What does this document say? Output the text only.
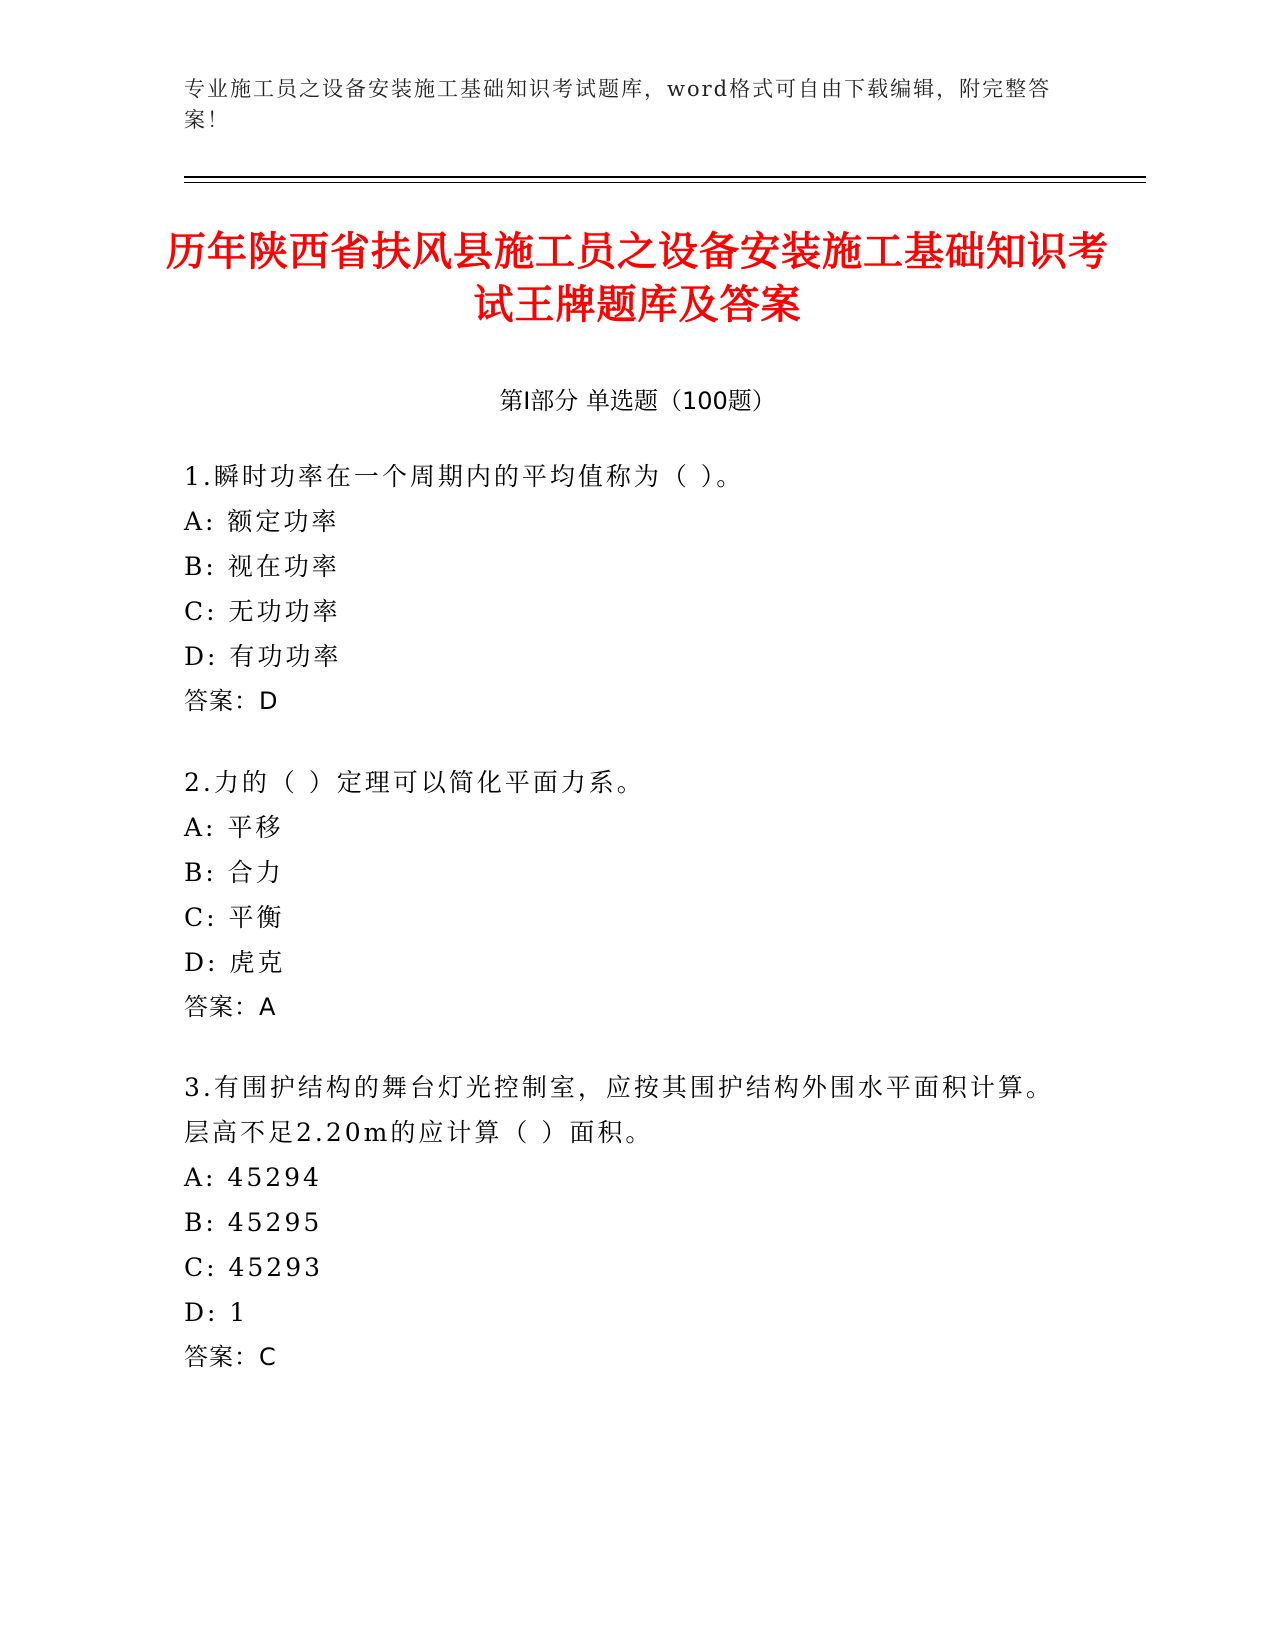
专业施工员之设备安装施工基础知识考试题库，word格式可自由下载编辑，附完整答案！
历年陕西省扶风县施工员之设备安装施工基础知识考试王牌题库及答案
第I部分 单选题（100题）
1.瞬时功率在一个周期内的平均值称为（ ）。
A: 额定功率
B: 视在功率
C: 无功功率
D: 有功功率
答案：D
2.力的（ ）定理可以简化平面力系。
A: 平移
B: 合力
C: 平衡
D: 虎克
答案：A
3.有围护结构的舞台灯光控制室，应按其围护结构外围水平面积计算。层高不足2.20m的应计算（ ）面积。
A: 45294
B: 45295
C: 45293
D: 1
答案：C
